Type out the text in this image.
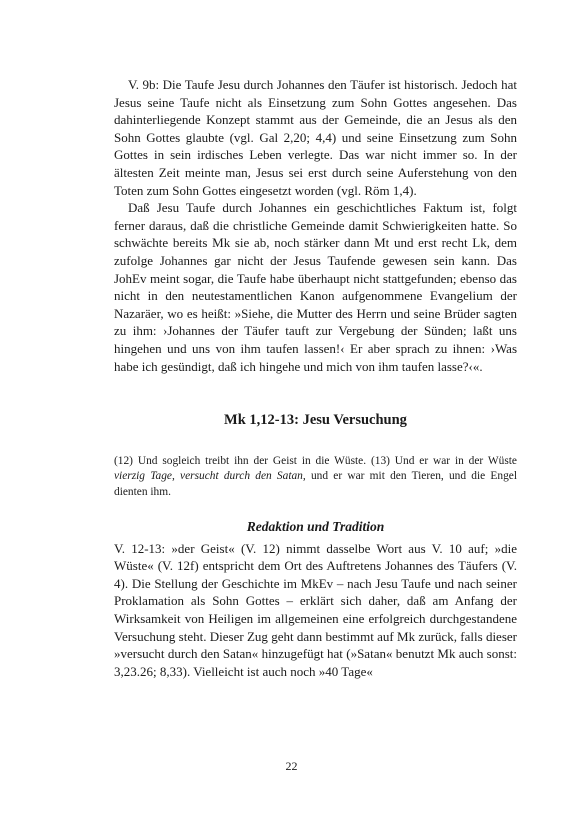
V. 9b: Die Taufe Jesu durch Johannes den Täufer ist historisch. Jedoch hat Jesus seine Taufe nicht als Einsetzung zum Sohn Gottes angesehen. Das dahinterliegende Konzept stammt aus der Gemeinde, die an Jesus als den Sohn Gottes glaubte (vgl. Gal 2,20; 4,4) und seine Einsetzung zum Sohn Gottes in sein irdisches Leben verlegte. Das war nicht immer so. In der ältesten Zeit meinte man, Jesus sei erst durch seine Auferstehung von den Toten zum Sohn Gottes eingesetzt worden (vgl. Röm 1,4).

Daß Jesu Taufe durch Johannes ein geschichtliches Faktum ist, folgt ferner daraus, daß die christliche Gemeinde damit Schwierigkeiten hatte. So schwächte bereits Mk sie ab, noch stärker dann Mt und erst recht Lk, dem zufolge Johannes gar nicht der Jesus Taufende gewesen sein kann. Das JohEv meint sogar, die Taufe habe überhaupt nicht stattgefunden; ebenso das nicht in den neutestamentlichen Kanon aufgenommene Evangelium der Nazaräer, wo es heißt: »Siehe, die Mutter des Herrn und seine Brüder sagten zu ihm: ›Johannes der Täufer tauft zur Vergebung der Sünden; laßt uns hingehen und uns von ihm taufen lassen!‹ Er aber sprach zu ihnen: ›Was habe ich gesündigt, daß ich hingehe und mich von ihm taufen lasse?‹«.

Mk 1,12-13: Jesu Versuchung

(12) Und sogleich treibt ihn der Geist in die Wüste. (13) Und er war in der Wüste vierzig Tage, versucht durch den Satan, und er war mit den Tieren, und die Engel dienten ihm.

Redaktion und Tradition

V. 12-13: »der Geist« (V. 12) nimmt dasselbe Wort aus V. 10 auf; »die Wüste« (V. 12f) entspricht dem Ort des Auftretens Johannes des Täufers (V. 4). Die Stellung der Geschichte im MkEv – nach Jesu Taufe und nach seiner Proklamation als Sohn Gottes – erklärt sich daher, daß am Anfang der Wirksamkeit von Heiligen im allgemeinen eine erfolgreich durchgestandene Versuchung steht. Dieser Zug geht dann bestimmt auf Mk zurück, falls dieser »versucht durch den Satan« hinzugefügt hat (»Satan« benutzt Mk auch sonst: 3,23.26; 8,33). Vielleicht ist auch noch »40 Tage«

22
